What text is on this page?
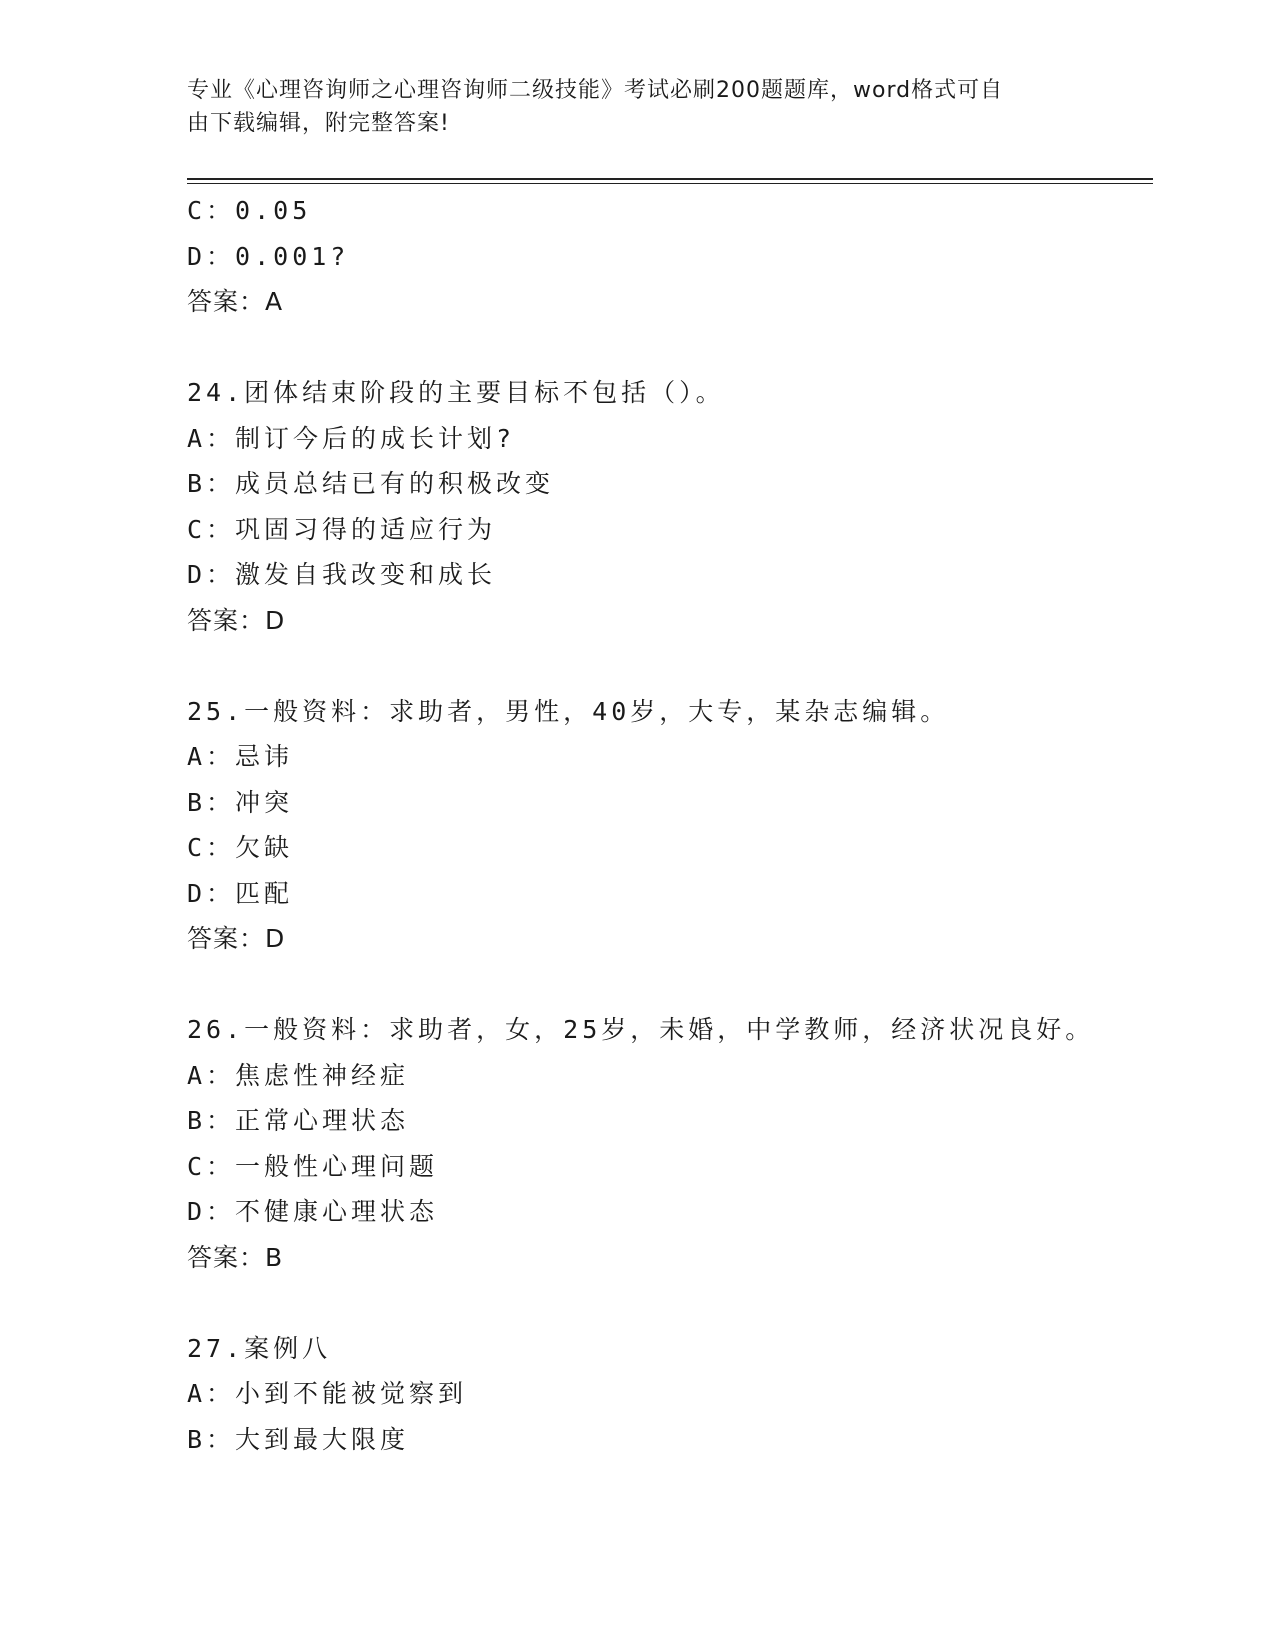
专业《心理咨询师之心理咨询师二级技能》考试必刷200题题库，word格式可自
由下载编辑，附完整答案!
C：0.05
D：0.001?
答案：A
24.团体结束阶段的主要目标不包括（）。
A：制订今后的成长计划?
B：成员总结已有的积极改变
C：巩固习得的适应行为
D：激发自我改变和成长
答案：D
25.一般资料：求助者，男性，40岁，大专，某杂志编辑。
A：忌讳
B：冲突
C：欠缺
D：匹配
答案：D
26.一般资料：求助者，女，25岁，未婚，中学教师，经济状况良好。
A：焦虑性神经症
B：正常心理状态
C：一般性心理问题
D：不健康心理状态
答案：B
27.案例八
A：小到不能被觉察到
B：大到最大限度
